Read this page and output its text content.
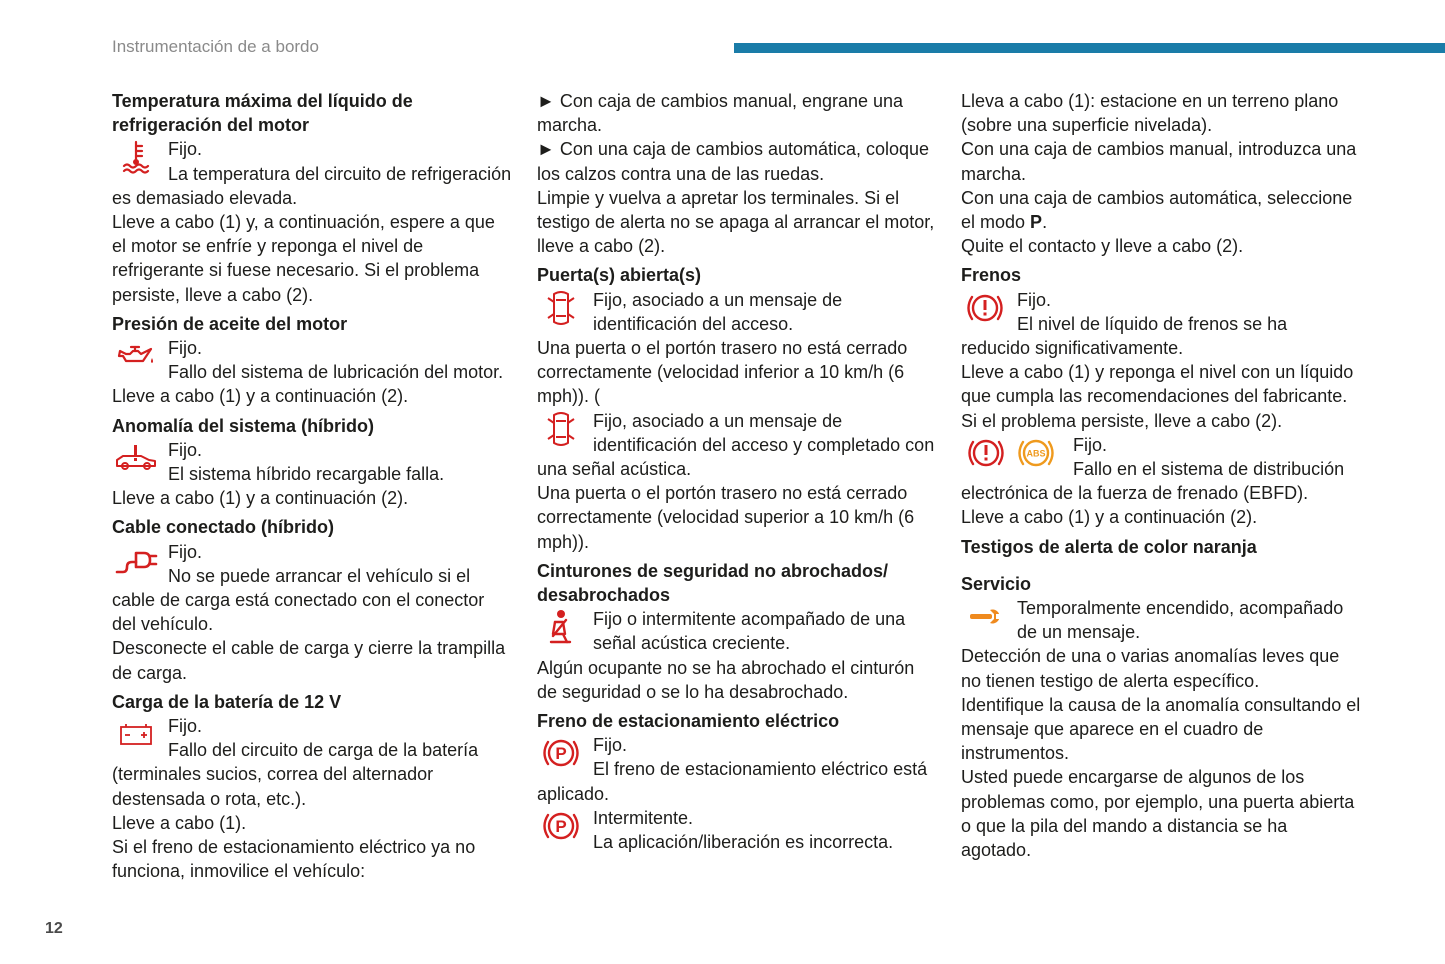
Instrumentación de a bordo
12

Temperatura máxima del líquido de refrigeración del motor

Fijo.

La temperatura del circuito de refrigeración es demasiado elevada.

Lleve a cabo (1) y, a continuación, espere a que el motor se enfríe y reponga el nivel de refrigerante si fuese necesario. Si el problema persiste, lleve a cabo (2).

Presión de aceite del motor

Fijo.

Fallo del sistema de lubricación del motor.

Lleve a cabo (1) y a continuación (2).

Anomalía del sistema (híbrido)

Fijo.

El sistema híbrido recargable falla.

Lleve a cabo (1) y a continuación (2).

Cable conectado (híbrido)

Fijo.

No se puede arrancar el vehículo si el cable de carga está conectado con el conector del vehículo.

Desconecte el cable de carga y cierre la trampilla de carga.

Carga de la batería de 12 V

Fijo.

Fallo del circuito de carga de la batería (terminales sucios, correa del alternador destensada o rota, etc.).

Lleve a cabo (1).

Si el freno de estacionamiento eléctrico ya no funciona, inmovilice el vehículo:

► Con caja de cambios manual, engrane una marcha.

► Con una caja de cambios automática, coloque los calzos contra una de las ruedas.

Limpie y vuelva a apretar los terminales. Si el testigo de alerta no se apaga al arrancar el motor, lleve a cabo (2).

Puerta(s) abierta(s)

Fijo, asociado a un mensaje de identificación del acceso.

Una puerta o el portón trasero no está cerrado correctamente (velocidad inferior a 10 km/h (6 mph)). (

Fijo, asociado a un mensaje de identificación del acceso y completado con una señal acústica.

Una puerta o el portón trasero no está cerrado correctamente (velocidad superior a 10 km/h (6 mph)).

Cinturones de seguridad no abrochados/ desabrochados

Fijo o intermitente acompañado de una señal acústica creciente.

Algún ocupante no se ha abrochado el cinturón de seguridad o se lo ha desabrochado.

Freno de estacionamiento eléctrico

P	Fijo.

El freno de estacionamiento eléctrico está aplicado.
P	Intermitente.

La aplicación/liberación es incorrecta.

Lleva a cabo (1): estacione en un terreno plano (sobre una superficie nivelada).

Con una caja de cambios manual, introduzca una marcha.

Con una caja de cambios automática, seleccione el modo P.

Quite el contacto y lleve a cabo (2).

Frenos

Fijo.

El nivel de líquido de frenos se ha reducido significativamente.

Lleve a cabo (1) y reponga el nivel con un líquido que cumpla las recomendaciones del fabricante. Si el problema persiste, lleve a cabo (2).

ABS	Fijo.

Fallo en el sistema de distribución electrónica de la fuerza de frenado (EBFD).

Lleve a cabo (1) y a continuación (2).

Testigos de alerta de color naranja

Servicio

Temporalmente encendido, acompañado de un mensaje.

Detección de una o varias anomalías leves que no tienen testigo de alerta específico.

Identifique la causa de la anomalía consultando el mensaje que aparece en el cuadro de instrumentos.

Usted puede encargarse de algunos de los problemas como, por ejemplo, una puerta abierta o que la pila del mando a distancia se ha agotado.
